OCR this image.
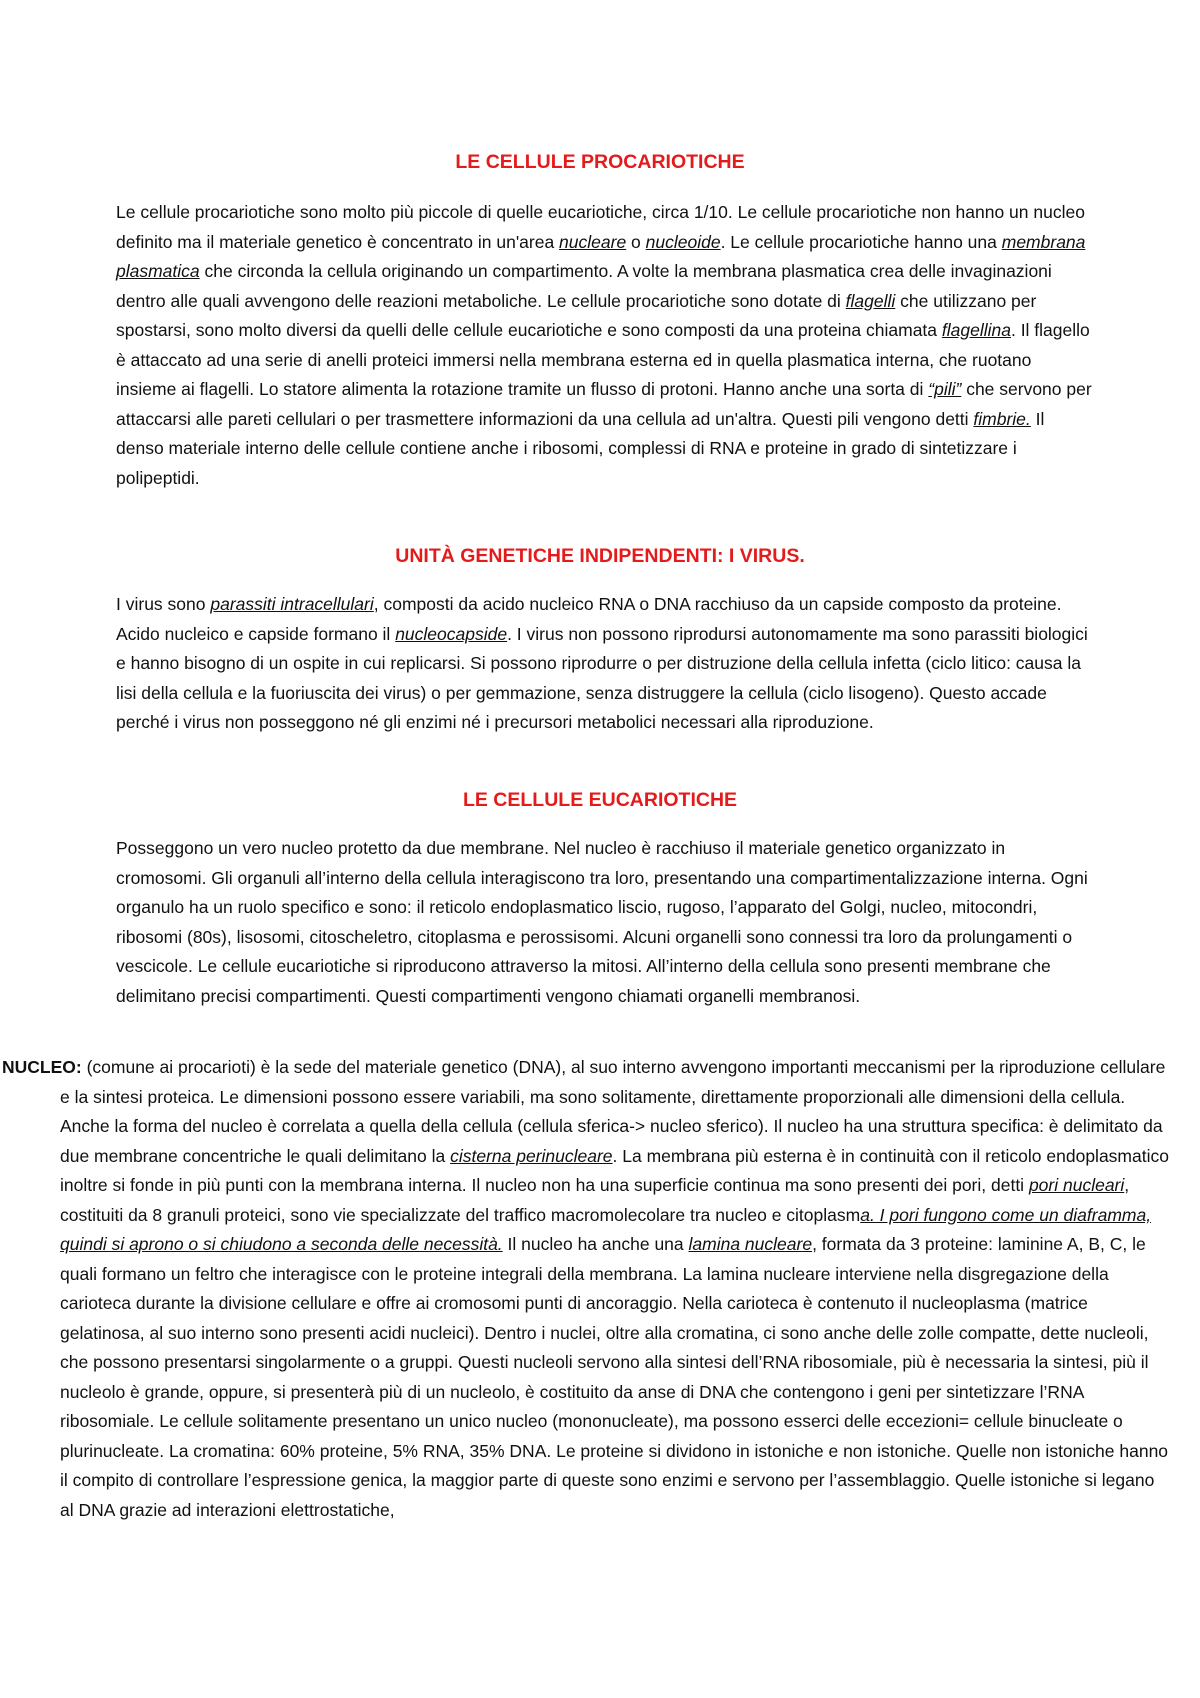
LE CELLULE PROCARIOTICHE

Le cellule procariotiche sono molto più piccole di quelle eucariotiche, circa 1/10. Le cellule procariotiche non hanno un nucleo definito ma il materiale genetico è concentrato in un'area nucleare o nucleoide. Le cellule procariotiche hanno una membrana plasmatica che circonda la cellula originando un compartimento. A volte la membrana plasmatica crea delle invaginazioni dentro alle quali avvengono delle reazioni metaboliche. Le cellule procariotiche sono dotate di flagelli che utilizzano per spostarsi, sono molto diversi da quelli delle cellule eucariotiche e sono composti da una proteina chiamata flagellina. Il flagello è attaccato ad una serie di anelli proteici immersi nella membrana esterna ed in quella plasmatica interna, che ruotano insieme ai flagelli. Lo statore alimenta la rotazione tramite un flusso di protoni. Hanno anche una sorta di “pili” che servono per attaccarsi alle pareti cellulari o per trasmettere informazioni da una cellula ad un'altra. Questi pili vengono detti fimbrie. Il denso materiale interno delle cellule contiene anche i ribosomi, complessi di RNA e proteine in grado di sintetizzare i polipeptidi.

UNITÀ GENETICHE INDIPENDENTI: I VIRUS.

I virus sono parassiti intracellulari, composti da acido nucleico RNA o DNA racchiuso da un capside composto da proteine. Acido nucleico e capside formano il nucleocapside. I virus non possono riprodursi autonomamente ma sono parassiti biologici e hanno bisogno di un ospite in cui replicarsi. Si possono riprodurre o per distruzione della cellula infetta (ciclo litico: causa la lisi della cellula e la fuoriuscita dei virus) o per gemmazione, senza distruggere la cellula (ciclo lisogeno). Questo accade perché i virus non posseggono né gli enzimi né i precursori metabolici necessari alla riproduzione.

LE CELLULE EUCARIOTICHE

Posseggono un vero nucleo protetto da due membrane. Nel nucleo è racchiuso il materiale genetico organizzato in cromosomi. Gli organuli all’interno della cellula interagiscono tra loro, presentando una compartimentalizzazione interna. Ogni organulo ha un ruolo specifico e sono: il reticolo endoplasmatico liscio, rugoso, l’apparato del Golgi, nucleo, mitocondri, ribosomi (80s), lisosomi, citoscheletro, citoplasma e perossisomi. Alcuni organelli sono connessi tra loro da prolungamenti o vescicole. Le cellule eucariotiche si riproducono attraverso la mitosi. All’interno della cellula sono presenti membrane che delimitano precisi compartimenti. Questi compartimenti vengono chiamati organelli membranosi.

NUCLEO: (comune ai procarioti) è la sede del materiale genetico (DNA), al suo interno avvengono importanti meccanismi per la riproduzione cellulare e la sintesi proteica. Le dimensioni possono essere variabili, ma sono solitamente, direttamente proporzionali alle dimensioni della cellula. Anche la forma del nucleo è correlata a quella della cellula (cellula sferica-> nucleo sferico). Il nucleo ha una struttura specifica: è delimitato da due membrane concentriche le quali delimitano la cisterna perinucleare. La membrana più esterna è in continuità con il reticolo endoplasmatico inoltre si fonde in più punti con la membrana interna. Il nucleo non ha una superficie continua ma sono presenti dei pori, detti pori nucleari, costituiti da 8 granuli proteici, sono vie specializzate del traffico macromolecolare tra nucleo e citoplasma. I pori fungono come un diaframma, quindi si aprono o si chiudono a seconda delle necessità. Il nucleo ha anche una lamina nucleare, formata da 3 proteine: laminine A, B, C, le quali formano un feltro che interagisce con le proteine integrali della membrana. La lamina nucleare interviene nella disgregazione della carioteca durante la divisione cellulare e offre ai cromosomi punti di ancoraggio. Nella carioteca è contenuto il nucleoplasma (matrice gelatinosa, al suo interno sono presenti acidi nucleici). Dentro i nuclei, oltre alla cromatina, ci sono anche delle zolle compatte, dette nucleoli, che possono presentarsi singolarmente o a gruppi. Questi nucleoli servono alla sintesi dell’RNA ribosomiale, più è necessaria la sintesi, più il nucleolo è grande, oppure, si presenterà più di un nucleolo, è costituito da anse di DNA che contengono i geni per sintetizzare l’RNA ribosomiale. Le cellule solitamente presentano un unico nucleo (mononucleate), ma possono esserci delle eccezioni= cellule binucleate o plurinucleate. La cromatina: 60% proteine, 5% RNA, 35% DNA. Le proteine si dividono in istoniche e non istoniche. Quelle non istoniche hanno il compito di controllare l’espressione genica, la maggior parte di queste sono enzimi e servono per l’assemblaggio. Quelle istoniche si legano al DNA grazie ad interazioni elettrostatiche,
